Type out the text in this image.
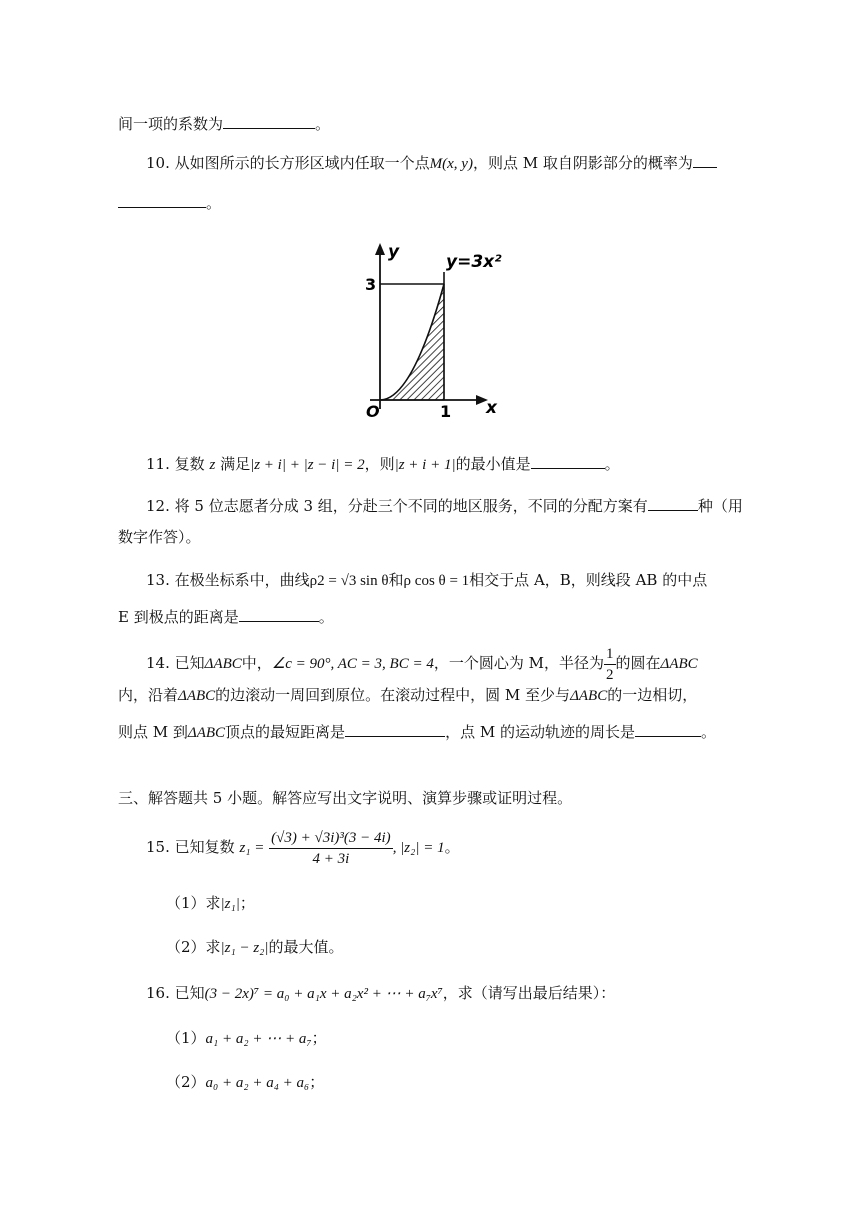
间一项的系数为	。
10. 从如图所示的长方形区域内任取一个点M(x, y)，则点 M 取自阴影部分的概率为
。
y
x
y=3x²
3
1
O
11. 复数 z 满足|z + i| + |z − i| = 2，则|z + i + 1|的最小值是	。
12. 将 5 位志愿者分成 3 组，分赴三个不同的地区服务，不同的分配方案有	种（用
数字作答）。
13. 在极坐标系中，曲线ρ2 = √3 sin θ和ρ cos θ = 1相交于点 A，B，则线段 AB 的中点
E 到极点的距离是	。
14. 已知ΔABC中，∠c = 90°, AC = 3, BC = 4，一个圆心为 M，半径为 $\frac{1}{2}$ 的圆在ΔABC
内，沿着ΔABC的边滚动一周回到原位。在滚动过程中，圆 M 至少与ΔABC的一边相切，
则点 M 到ΔABC顶点的最短距离是	，点 M 的运动轨迹的周长是	。
三、解答题共 5 小题。解答应写出文字说明、演算步骤或证明过程。
15. 已知复数 $z_1 = \frac{\text{(√3) + √3i)³(3 − 4i)}}{4 + 3i}$ , |z₂| = 1。
（1）求|z₁|；
（2）求|z₁ − z₂|的最大值。
16. 已知(3 − 2x)⁷ = a₀ + a₁x + a₂x² + ⋯ + a₇x⁷，求（请写出最后结果）：
（1）a₁ + a₂ + ⋯ + a₇；
（2）a₀ + a₂ + a₄ + a₆；
